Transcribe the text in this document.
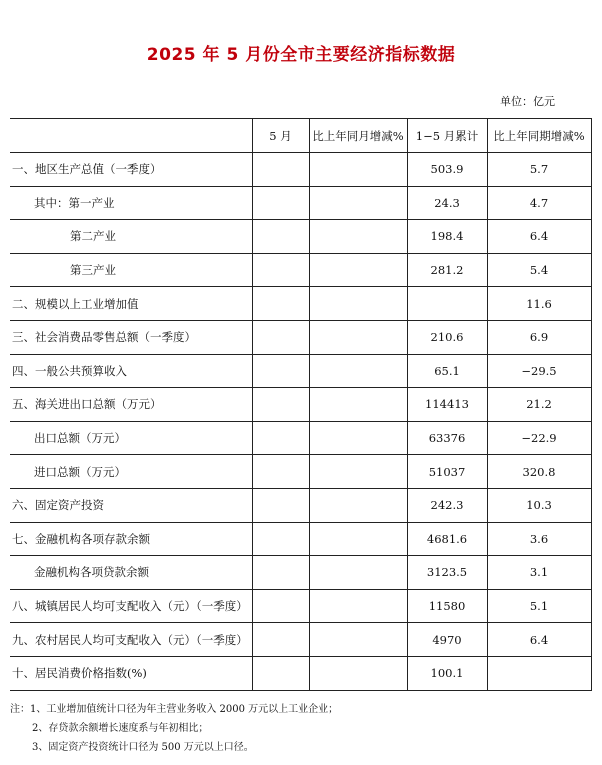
2025 年 5 月份全市主要经济指标数据
单位：亿元
	5 月	比上年同月增减%	1−5 月累计	比上年同期增减%
一、地区生产总值（一季度）			503.9	5.7
其中：第一产业			24.3	4.7
第二产业			198.4	6.4
第三产业			281.2	5.4
二、规模以上工业增加值				11.6
三、社会消费品零售总额（一季度）			210.6	6.9
四、一般公共预算收入			65.1	−29.5
五、海关进出口总额（万元）			114413	21.2
出口总额（万元）			63376	−22.9
进口总额（万元）			51037	320.8
六、固定资产投资			242.3	10.3
七、金融机构各项存款余额			4681.6	3.6
金融机构各项贷款余额			3123.5	3.1
八、城镇居民人均可支配收入（元）（一季度）			11580	5.1
九、农村居民人均可支配收入（元）（一季度）			4970	6.4
十、居民消费价格指数(%)			100.1	
注：1、工业增加值统计口径为年主营业务收入 2000 万元以上工业企业；
2、存贷款余额增长速度系与年初相比；
3、固定资产投资统计口径为 500 万元以上口径。
